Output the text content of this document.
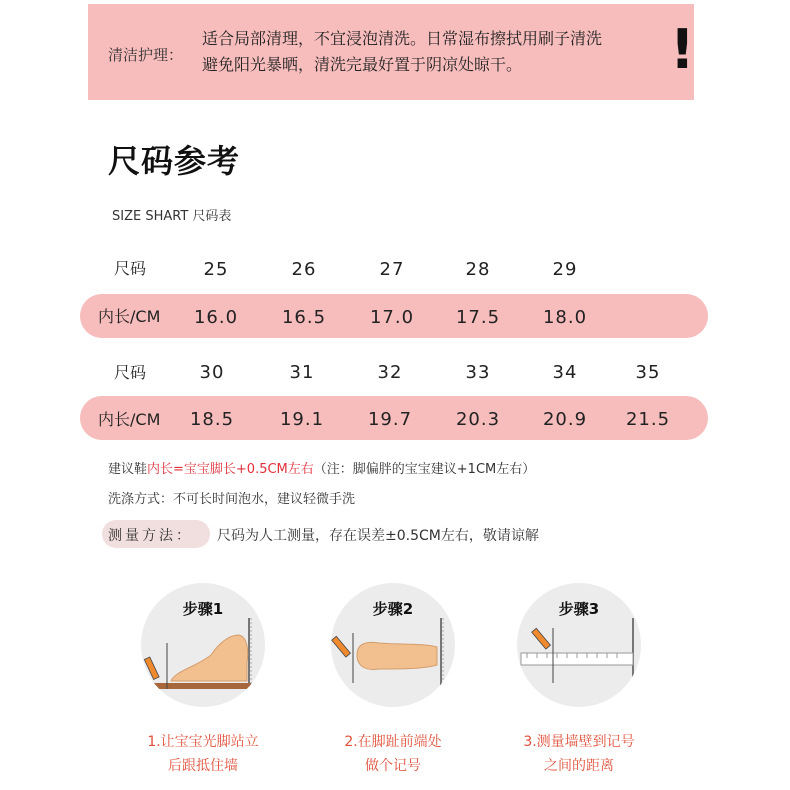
清洁护理：
适合局部清理，不宜浸泡清洗。日常湿布擦拭用刷子清洗
避免阳光暴晒，清洗完最好置于阴凉处晾干。	!
尺码参考
SIZE SHART 尺码表
尺码	25	26	27	28	29
内长/CM	16.0	16.5	17.0	17.5	18.0
尺码	30	31	32	33	34	35
内长/CM	18.5	19.1	19.7	20.3	20.9	21.5
建议鞋内长=宝宝脚长+0.5CM左右（注：脚偏胖的宝宝建议+1CM左右）
洗涤方式：不可长时间泡水，建议轻微手洗
测量方法： 尺码为人工测量，存在误差±0.5CM左右，敬请谅解
步骤1
1.让宝宝光脚站立
后跟抵住墙
步骤2
2.在脚趾前端处
做个记号
步骤3
3.测量墙壁到记号
之间的距离
